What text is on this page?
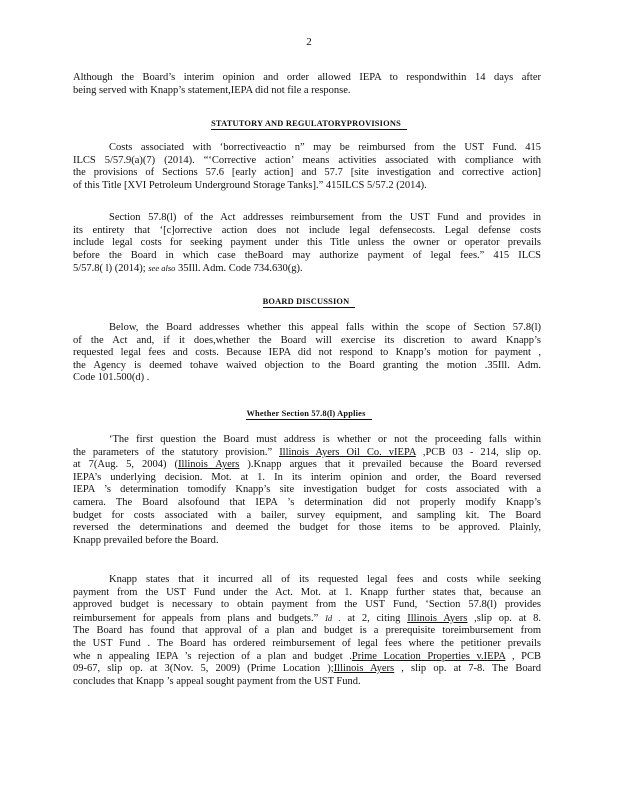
2
Although the Board’s interim opinion and order allowed IEPA to respondwithin 14 days after
being served with Knapp’s statement,IEPA did not file a response.
STATUTORY AND REGULATORYPROVISIONS
Costs associated with ‘borrectiveactio n” may be reimbursed from the UST Fund. 415
ILCS 5/57.9(a)(7) (2014). “‘Corrective action’ means activities associated with compliance with
the provisions of Sections 57.6 [early action] and 57.7 [site investigation and corrective action]
of this Title [XVI Petroleum Underground Storage Tanks].” 415ILCS 5/57.2 (2014).
Section 57.8(l) of the Act addresses reimbursement from the UST Fund and provides in
its entirety that ‘[c]orrective action does not include legal defensecosts. Legal defense costs
include legal costs for seeking payment under this Title unless the owner or operator prevails
before the Board in which case theBoard may authorize payment of legal fees.” 415 ILCS
5/57.8( l) (2014); see also 35Ill. Adm. Code 734.630(g).
BOARD DISCUSSION
Below, the Board addresses whether this appeal falls within the scope of Section 57.8(l)
of the Act and, if it does,whether the Board will exercise its discretion to award Knapp’s
requested legal fees and costs. Because IEPA did not respond to Knapp’s motion for payment ,
the Agency is deemed tohave waived objection to the Board granting the motion .35Ill. Adm.
Code 101.500(d) .
Whether Section 57.8(l) Applies
‘The first question the Board must address is whether or not the proceeding falls within
the parameters of the statutory provision.” Illinois Ayers Oil Co. vIEPA ,PCB 03 - 214, slip op.
at 7(Aug. 5, 2004) (Illinois Ayers ).Knapp argues that it prevailed because the Board reversed
IEPA’s underlying decision. Mot. at 1. In its interim opinion and order, the Board reversed
IEPA ’s determination tomodify Knapp’s site investigation budget for costs associated with a
camera. The Board alsofound that IEPA ’s determination did not properly modify Knapp’s
budget for costs associated with a bailer, survey equipment, and sampling kit. The Board
reversed the determinations and deemed the budget for those items to be approved. Plainly,
Knapp prevailed before the Board.
Knapp states that it incurred all of its requested legal fees and costs while seeking
payment from the UST Fund under the Act. Mot. at 1. Knapp further states that, because an
approved budget is necessary to obtain payment from the UST Fund, ‘Section 57.8(l) provides
reimbursement for appeals from plans and budgets.” Id . at 2, citing Illinois Ayers ,slip op. at 8.
The Board has found that approval of a plan and budget is a prerequisite toreimbursement from
the UST Fund . The Board has ordered reimbursement of legal fees where the petitioner prevails
whe n appealing IEPA ’s rejection of a plan and budget .Prime Location Properties v.IEPA , PCB
09-67, slip op. at 3(Nov. 5, 2009) (Prime Location );Illinois Ayers , slip op. at 7-8. The Board
concludes that Knapp ’s appeal sought payment from the UST Fund.
